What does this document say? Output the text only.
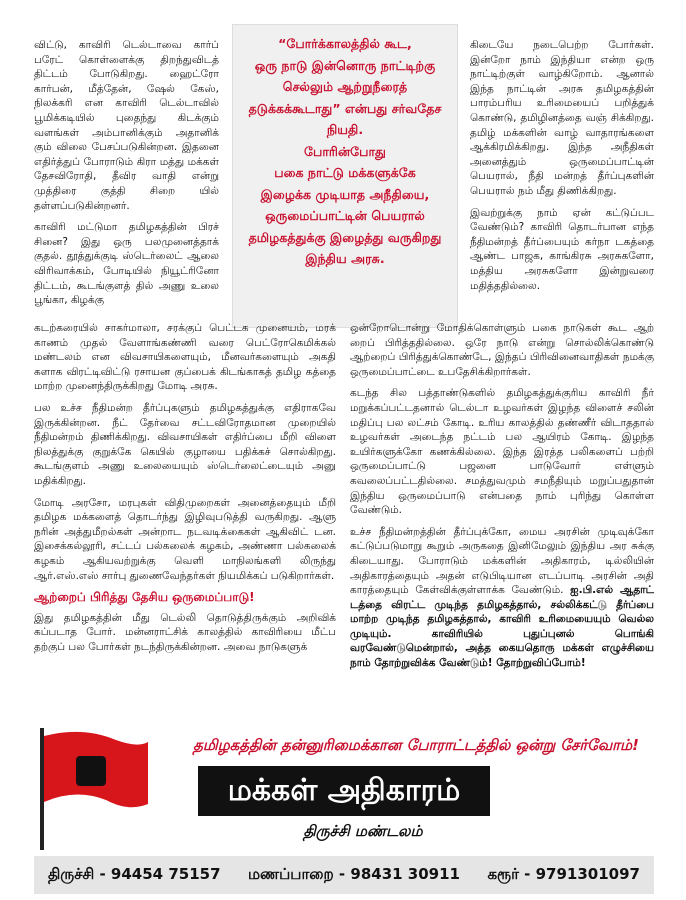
விட்டு, காவிரி டெல்டாவை கார்ப் பரேட் கொள்ளைக்கு திறந்துவிடத் திட்டம் போடுகிறது. ஹைட்ரோ கார்பன், மீத்தேன், ஷேல் கேஸ், நிலக்கரி என காவிரி டெல்டாவில் பூமிக்கடியில் புதைந்து கிடக்கும் வளங்கள் அம்பானிக்கும் அதானிக் கும் விலை பேசப்படுகின்றன. இதனை எதிர்த்துப் போராடும் கிரா மத்து மக்கள் தேசவிரோதி, தீவிர வாதி என்று முத்திரை குத்தி சிறை யில் தள்ளப்படுகின்றனர்.

காவிரி மட்டுமா தமிழகத்தின் பிரச் சினை? இது ஒரு பலமுனைத்தாக் குதல். தூத்துக்குடி ஸ்டெர்லைட் ஆலை விரிவாக்கம், போடியில் நியூட்ரினோ திட்டம், கூடங்குளத் தில் அணு உலை பூங்கா, கிழக்கு

“போர்க்காலத்தில் கூட,
ஒரு நாடு இன்னொரு நாட்டிற்கு
செல்லும் ஆற்றுநீரைத்
தடுக்கக்கூடாது” என்பது சர்வதேச நியதி.
போரின்போது
பகை நாட்டு மக்களுக்கே
இழைக்க முடியாத அநீதியை,
ஒருமைப்பாட்டின் பெயரால்
தமிழகத்துக்கு இழைத்து வருகிறது
இந்திய அரசு.

கிடையே நடைபெற்ற போர்கள். இன்றோ நாம் இந்தியா என்ற ஒரு நாட்டிற்குள் வாழ்கிறோம். ஆனால் இந்த நாட்டின் அரசு தமிழகத்தின் பாரம்பரிய உரிமையைப் பறித்துக் கொண்டு, தமிழினத்தை வஞ் சிக்கிறது. தமிழ் மக்களின் வாழ் வாதாரங்களை ஆக்கிரமிக்கிறது. இந்த அநீதிகள் அனைத்தும் ஒருமைப்பாட்டின் பெயரால், நீதி மன்றத் தீர்ப்புகளின் பெயரால் நம் மீது திணிக்கிறது.

இவற்றுக்கு நாம் ஏன் கட்டுப்பட வேண்டும்? காவிரி தொடர்பான எந்த நீதிமன்றத் தீர்ப்பையும் கர்நா டகத்தை ஆண்ட பாஜக, காங்கிரசு அரசுகளோ, மத்திய அரசுகளோ இன்றுவரை மதித்ததில்லை.

கடற்கரையில் சாகர்மாலா, சரக்குப் பெட்டக முனையம், மரக் காணம் முதல் வேளாங்கண்ணி வரை பெட்ரோகெமிக்கல் மண்டலம் என விவசாயிகளையும், மீனவர்களையும் அகதி களாக விரட்டிவிட்டு ரசாயன குப்பைக் கிடங்காகத் தமிழ கத்தை மாற்ற முனைந்திருக்கிறது மோடி அரசு.

பல உச்ச நீதிமன்ற தீர்ப்புகளும் தமிழகத்துக்கு எதிராகவே இருக்கின்றன. நீட் தேர்வை சட்டவிரோதமான முறையில் நீதிமன்றம் திணிக்கிறது. விவசாயிகள் எதிர்ப்பை மீறி விளை நிலத்துக்கு குறுக்கே கெயில் குழாயை பதிக்கச் சொல்கிறது. கூடங்குளம் அணு உலையையும் ஸ்டெர்லைட்டையும் அனு மதிக்கிறது.

மோடி அரசோ, மரபுகள் விதிமுறைகள் அனைத்தையும் மீறி தமிழக மக்களைத் தொடர்ந்து இழிவுபடுத்தி வருகிறது. ஆளு நரின் அத்துமீறல்கள் அன்றாட நடவடிக்கைகள் ஆகிவிட் டன. இசைக்கல்லூரி, சட்டப் பல்கலைக் கழகம், அண்ணா பல்கலைக் கழகம் ஆகியவற்றுக்கு வெளி மாநிலங்களி லிருந்து ஆர்.எஸ்.எஸ் சார்பு துணைவேந்தர்கள் நியமிக்கப் படுகிறார்கள்.

ஆற்றைப் பிரித்து தேசிய ஒருமைப்பாடு!

இது தமிழகத்தின் மீது டெல்லி தொடுத்திருக்கும் அறிவிக் கப்படாத போர். மன்னராட்சிக் காலத்தில் காவிரியை மீட்ப தற்குப் பல போர்கள் நடந்திருக்கின்றன. அவை நாடுகளுக்

ஒன்றோடொன்று மோதிக்கொள்ளும் பகை நாடுகள் கூட ஆற் றைப் பிரித்ததில்லை. ஒரே நாடு என்று சொல்லிக்கொண்டு ஆற்றைப் பிரித்துக்கொண்டே, இந்தப் பிரிவினைவாதிகள் நமக்கு ஒருமைப்பாட்டை உபதேசிக்கிறார்கள்.

கடந்த சில பத்தாண்டுகளில் தமிழகத்துக்குரிய காவிரி நீர் மறுக்கப்பட்டதனால் டெல்டா உழவர்கள் இழந்த விளைச் சலின் மதிப்பு பல லட்சம் கோடி. உரிய காலத்தில் தண்ணீர் விடாததால் உழவர்கள் அடைந்த நட்டம் பல ஆயிரம் கோடி. இழந்த உயிர்களுக்கோ கணக்கில்லை. இந்த இரத்த பலிகளைப் பற்றி ஒருமைப்பாட்டு பஜனை பாடுவோர் எள்ளும் கவலைப்பட்டதில்லை. சமத்துவமும் சமநீதியும் மறுப்பதுதான் இந்திய ஒருமைப்பாடு என்பதை நாம் புரிந்து கொள்ள வேண்டும்.

உச்ச நீதிமன்றத்தின் தீர்ப்புக்கோ, மைய அரசின் முடிவுக்கோ கட்டுப்படுமாறு கூறும் அருகதை இனிமேலும் இந்திய அர சுக்கு கிடையாது. போராடும் மக்களின் அதிகாரம், டில்லியின் அதிகாரத்தையும் அதன் எடுபிடியான எடப்பாடி அரசின் அதி காரத்தையும் கேள்விக்குள்ளாக்க வேண்டும். ஐ.பி.எல் ஆதாட் டத்தை விரட்ட முடிந்த தமிழகத்தால், சல்லிக்கட்டு தீர்ப்பை மாற்ற முடிந்த தமிழகத்தால், காவிரி உரிமையையும் வெல்ல முடியும். காவிரியில் புதுப்புனல் பொங்கி வரவேண்டுமென்றால், அத்த கையதொரு மக்கள் எழுச்சியை நாம் தோற்றுவிக்க வேண்டும்! தோற்றுவிப்போம்!

தமிழகத்தின் தன்னுரிமைக்கான போராட்டத்தில் ஒன்று சேர்வோம்!
மக்கள் அதிகாரம்
திருச்சி மண்டலம்
திருச்சி - 94454 75157 மணப்பாறை - 98431 30911 கரூர் - 9791301097
